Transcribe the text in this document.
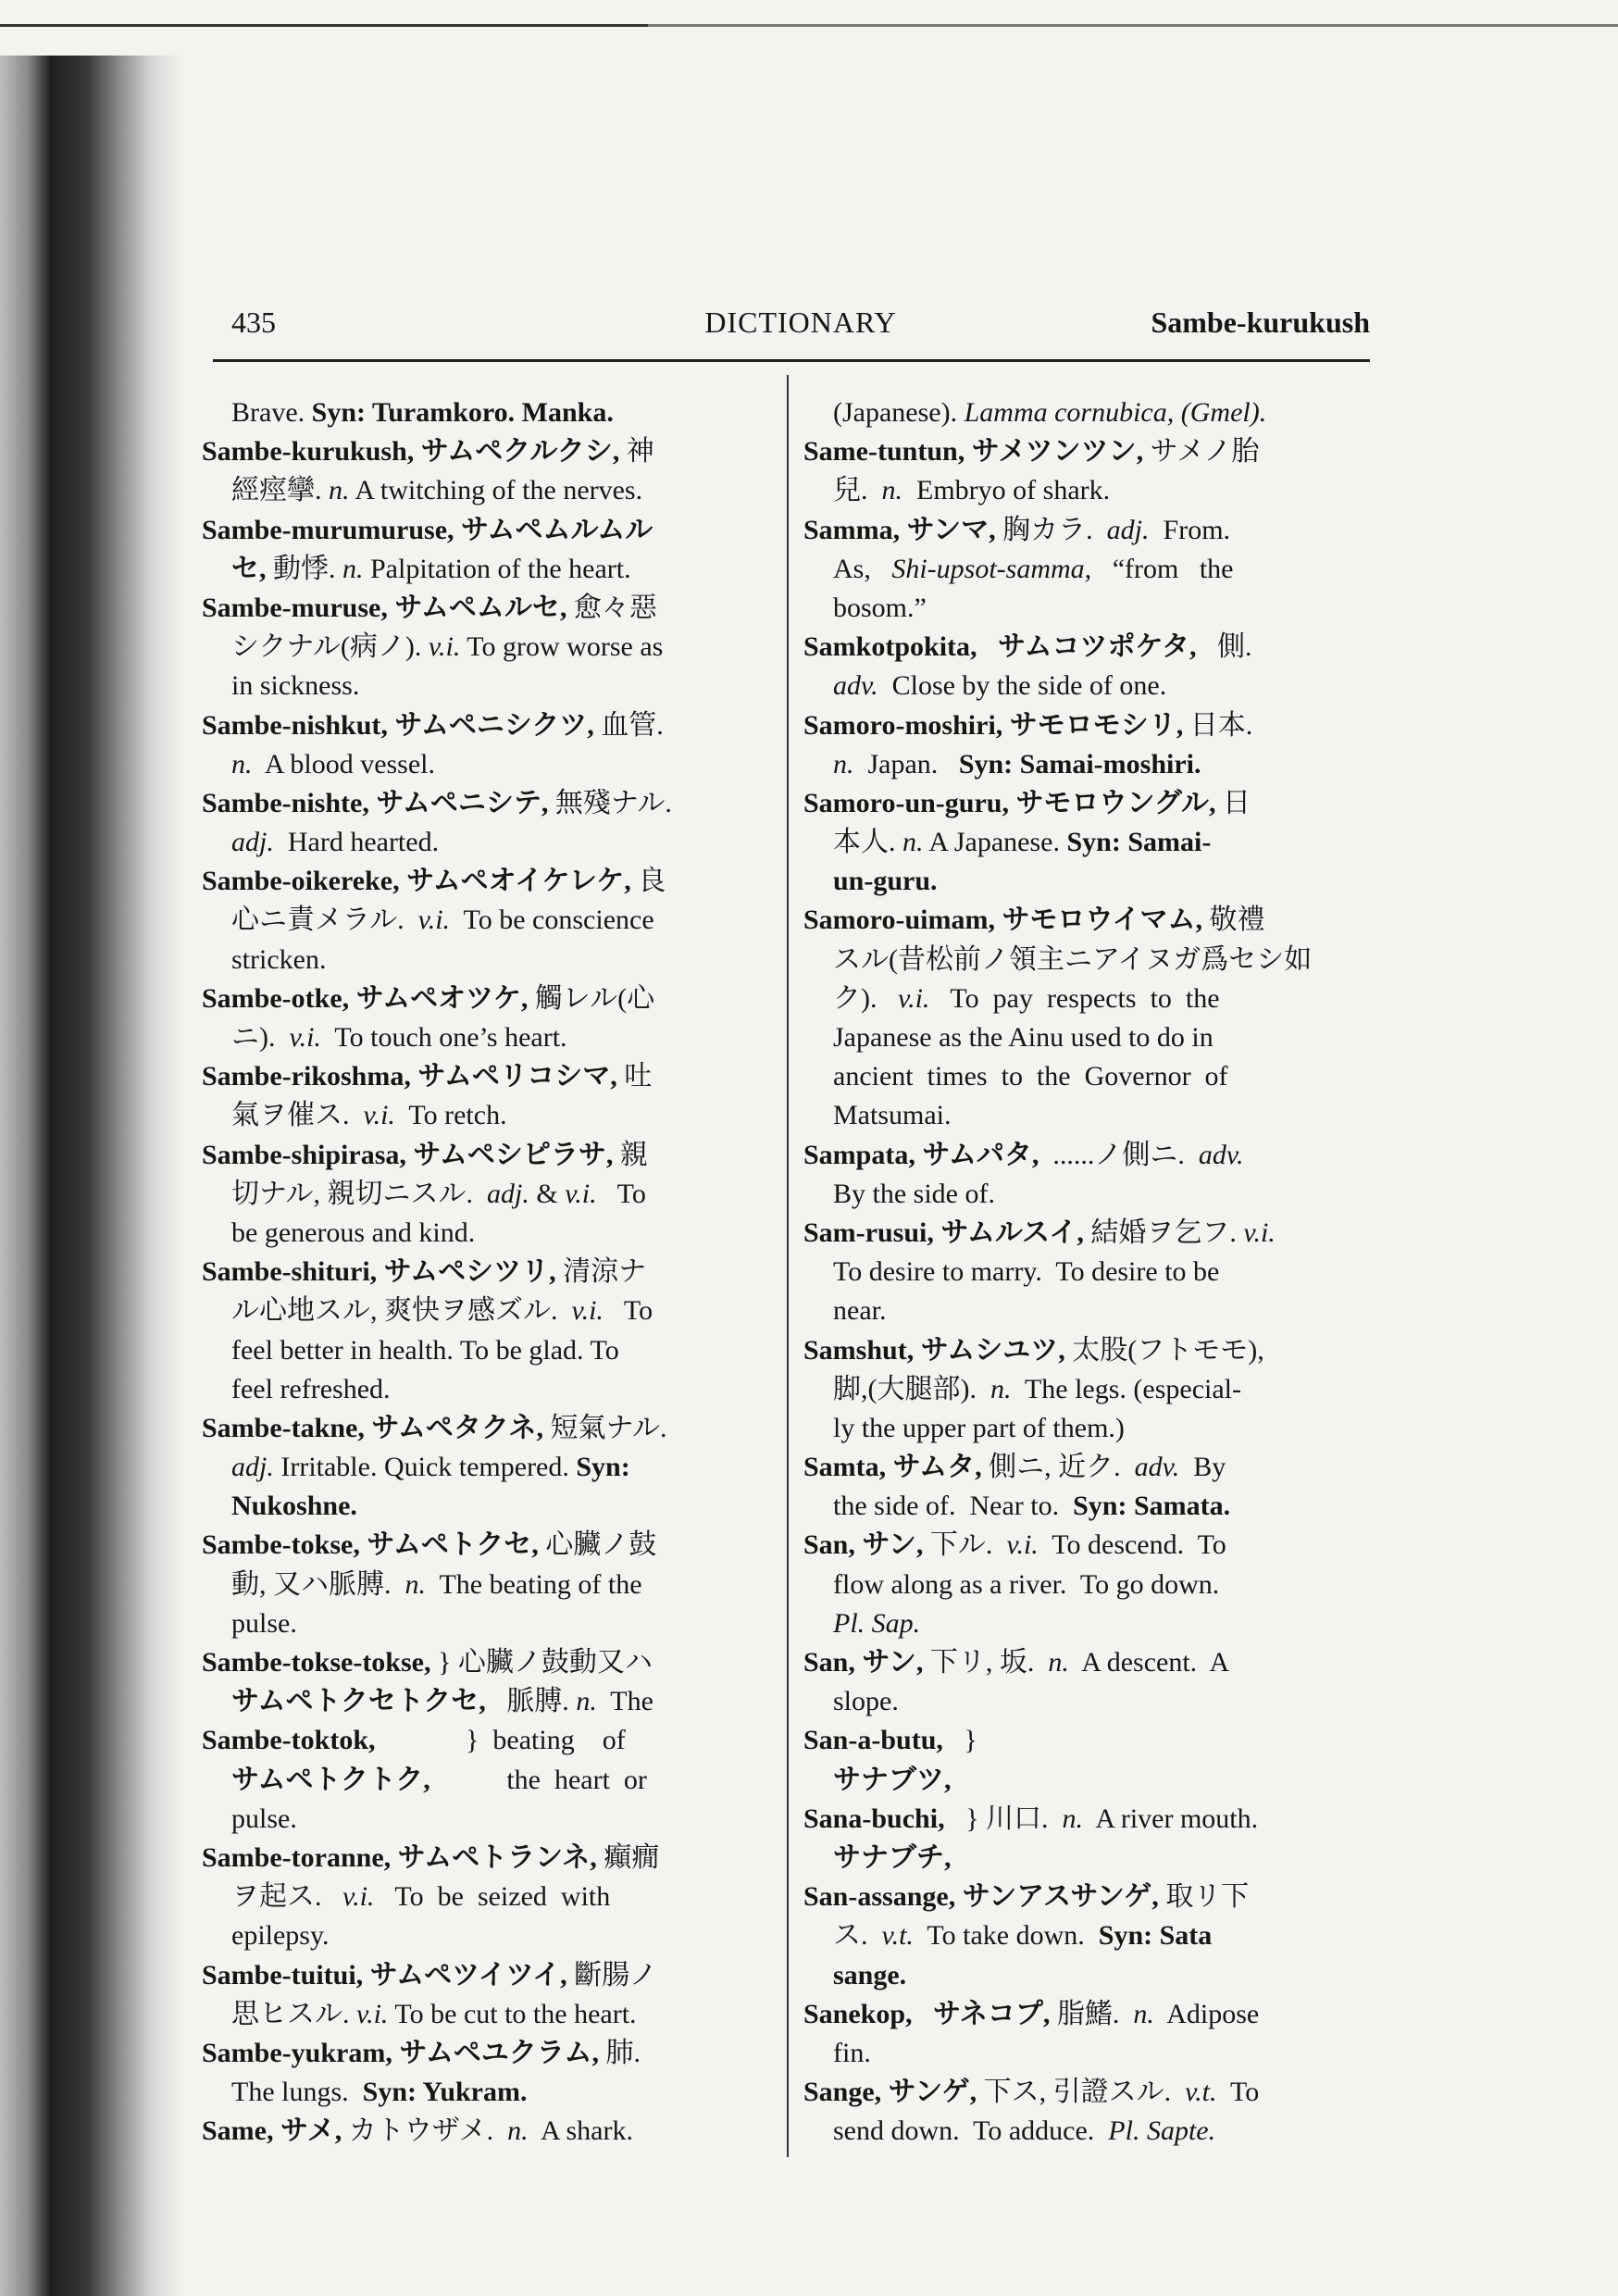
435	DICTIONARY	Sambe-kurukush
Brave. Syn: Turamkoro. Manka.
Sambe-kurukush, サムペクルクシ, 神
經痙攣. n. A twitching of the nerves.
Sambe-murumuruse, サムペムルムル
セ, 動悸. n. Palpitation of the heart.
Sambe-muruse, サムペムルセ, 愈々惡
シクナル(病ノ). v.i. To grow worse as
in sickness.
Sambe-nishkut, サムペニシクツ, 血管.
n.  A blood vessel.
Sambe-nishte, サムペニシテ, 無殘ナル.
adj.  Hard hearted.
Sambe-oikereke, サムペオイケレケ, 良
心ニ責メラル.  v.i.  To be conscience
stricken.
Sambe-otke, サムペオツケ, 觸レル(心
ニ).  v.i.  To touch one’s heart.
Sambe-rikoshma, サムペリコシマ, 吐
氣ヲ催ス.  v.i.  To retch.
Sambe-shipirasa, サムペシピラサ, 親
切ナル, 親切ニスル.  adj. & v.i.   To
be generous and kind.
Sambe-shituri, サムペシツリ, 清涼ナ
ル心地スル, 爽快ヲ感ズル.  v.i.   To
feel better in health. To be glad. To
feel refreshed.
Sambe-takne, サムペタクネ, 短氣ナル.
adj. Irritable. Quick tempered. Syn:
Nukoshne.
Sambe-tokse, サムペトクセ, 心臟ノ鼓
動, 又ハ脈膊.  n.  The beating of the
pulse.
Sambe-tokse-tokse, } 心臟ノ鼓動又ハ
サムペトクセトクセ,   脈膊. n.  The
Sambe-toktok,             }  beating    of
サムペトクトク,           the  heart  or
pulse.
Sambe-toranne, サムペトランネ, 癲癇
ヲ起ス.   v.i.   To  be  seized  with
epilepsy.
Sambe-tuitui, サムペツイツイ, 斷腸ノ
思ヒスル. v.i. To be cut to the heart.
Sambe-yukram, サムペユクラム, 肺.
The lungs.  Syn: Yukram.
Same, サメ, カトウザメ.  n.  A shark.
(Japanese). Lamma cornubica, (Gmel).
Same-tuntun, サメツンツン, サメノ胎
兒.  n.  Embryo of shark.
Samma, サンマ, 胸カラ.  adj.  From.
As,   Shi-upsot-samma,   “from   the
bosom.”
Samkotpokita,   サムコツポケタ,   側.
adv.  Close by the side of one.
Samoro-moshiri, サモロモシリ, 日本.
n.  Japan.   Syn: Samai-moshiri.
Samoro-un-guru, サモロウングル, 日
本人. n. A Japanese. Syn: Samai-
un-guru.
Samoro-uimam, サモロウイマム, 敬禮
スル(昔松前ノ領主ニアイヌガ爲セシ如
ク).   v.i.   To  pay  respects  to  the
Japanese as the Ainu used to do in
ancient  times  to  the  Governor  of
Matsumai.
Sampata, サムパタ,  ......ノ側ニ.  adv.
By the side of.
Sam-rusui, サムルスイ, 結婚ヲ乞フ. v.i.
To desire to marry.  To desire to be
near.
Samshut, サムシユツ, 太股(フトモモ),
脚,(大腿部).  n.  The legs. (especial-
ly the upper part of them.)
Samta, サムタ, 側ニ, 近ク.  adv.  By
the side of.  Near to.  Syn: Samata.
San, サン, 下ル.  v.i.  To descend.  To
flow along as a river.  To go down.
Pl. Sap.
San, サン, 下リ, 坂.  n.  A descent.  A
slope.
San-a-butu,   }
サナブツ,
Sana-buchi,   } 川口.  n.  A river mouth.
サナブチ,
San-assange, サンアスサンゲ, 取リ下
ス.  v.t.  To take down.  Syn: Sata
sange.
Sanekop,   サネコプ, 脂鰭.  n.  Adipose
fin.
Sange, サンゲ, 下ス, 引證スル.  v.t.  To
send down.  To adduce.  Pl. Sapte.
